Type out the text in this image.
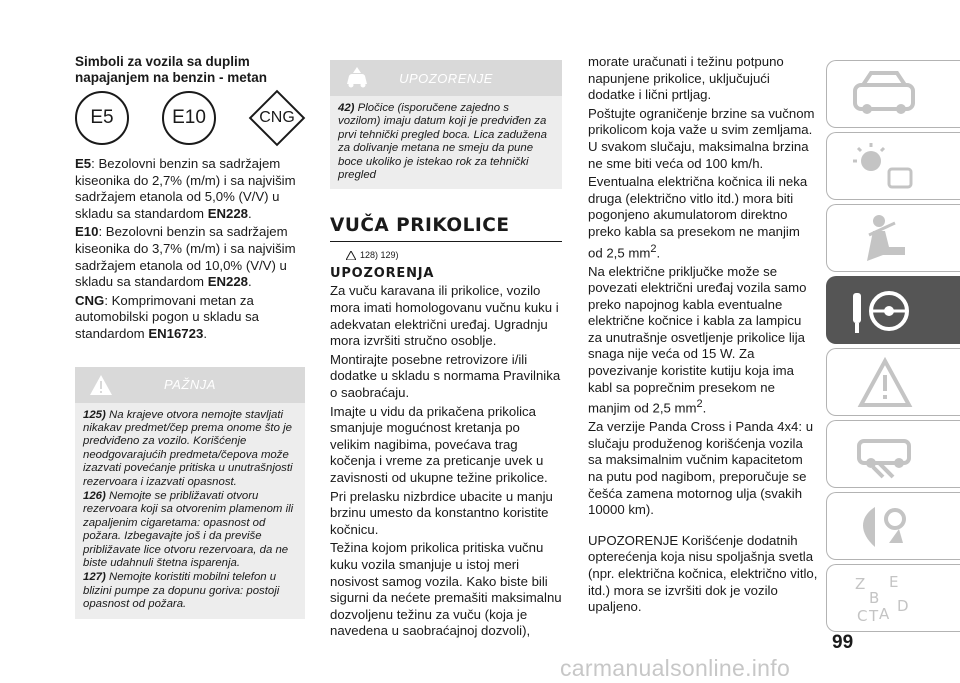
Simboli za vozila sa duplim napajanjem na benzin - metan
E5	E10	CNG

E5: Bezolovni benzin sa sadržajem kiseonika do 2,7% (m/m) i sa najvišim sadržajem etanola od 5,0% (V/V) u skladu sa standardom EN228.

E10: Bezolovni benzin sa sadržajem kiseonika do 3,7% (m/m) i sa najvišim sadržajem etanola od 10,0% (V/V) u skladu sa standardom EN228.

CNG: Komprimovani metan za automobilski pogon u skladu sa standardom EN16723.

PAŽNJA

125) Na krajeve otvora nemojte stavljati nikakav predmet/čep prema onome što je predviđeno za vozilo. Korišćenje neodgovarajućih predmeta/čepova može izazvati povećanje pritiska u unutrašnjosti rezervoara i izazvati opasnost.

126) Nemojte se približavati otvoru rezervoara koji sa otvorenim plamenom ili zapaljenim cigaretama: opasnost od požara. Izbegavajte još i da previše približavate lice otvoru rezervoara, da ne biste udahnuli štetna isparenja.

127) Nemojte koristiti mobilni telefon u blizini pumpe za dopunu goriva: postoji opasnost od požara.

UPOZORENJE

42) Pločice (isporučene zajedno s vozilom) imaju datum koji je predviđen za prvi tehnički pregled boca. Lica zadužena za dolivanje metana ne smeju da pune boce ukoliko je istekao rok za tehnički pregled

VUČA PRIKOLICE
128) 129)
UPOZORENJA

Za vuču karavana ili prikolice, vozilo mora imati homologovanu vučnu kuku i adekvatan električni uređaj. Ugradnju mora izvršiti stručno osoblje.

Montirajte posebne retrovizore i/ili dodatke u skladu s normama Pravilnika o saobraćaju.

Imajte u vidu da prikačena prikolica smanjuje mogućnost kretanja po velikim nagibima, povećava trag kočenja i vreme za preticanje uvek u zavisnosti od ukupne težine prikolice.

Pri prelasku nizbrdice ubacite u manju brzinu umesto da konstantno koristite kočnicu.

Težina kojom prikolica pritiska vučnu kuku vozila smanjuje u istoj meri nosivost samog vozila. Kako biste bili sigurni da nećete premašiti maksimalnu dozvoljenu težinu za vuču (koja je navedena u saobraćajnoj dozvoli),

morate uračunati i težinu potpuno napunjene prikolice, uključujući dodatke i lični prtljag.

Poštujte ograničenje brzine sa vučnom prikolicom koja važe u svim zemljama. U svakom slučaju, maksimalna brzina ne sme biti veća od 100 km/h.

Eventualna električna kočnica ili neka druga (električno vitlo itd.) mora biti pogonjeno akumulatorom direktno preko kabla sa presekom ne manjim od 2,5 $mm^2$.

Na električne priključke može se povezati električni uređaj vozila samo preko napojnog kabla eventualne električne kočnice i kabla za lampicu za unutrašnje osvetljenje prikolice lija snaga nije veća od 15 W. Za povezivanje koristite kutiju koja ima kabl sa poprečnim presekom ne manjim od 2,5 $mm^2$.

Za verzije Panda Cross i Panda 4x4: u slučaju produženog korišćenja vozila sa maksimalnim vučnim kapacitetom na putu pod nagibom, preporučuje se češća zamena motornog ulja (svakih 10000 km).

UPOZORENJE Korišćenje dodatnih opterećenja koja nisu spoljašnja svetla (npr. električna kočnica, električno vitlo, itd.) mora se izvršiti dok je vozilo upaljeno.

Z E
B
C
D
A
T
99
carmanualsonline.info
